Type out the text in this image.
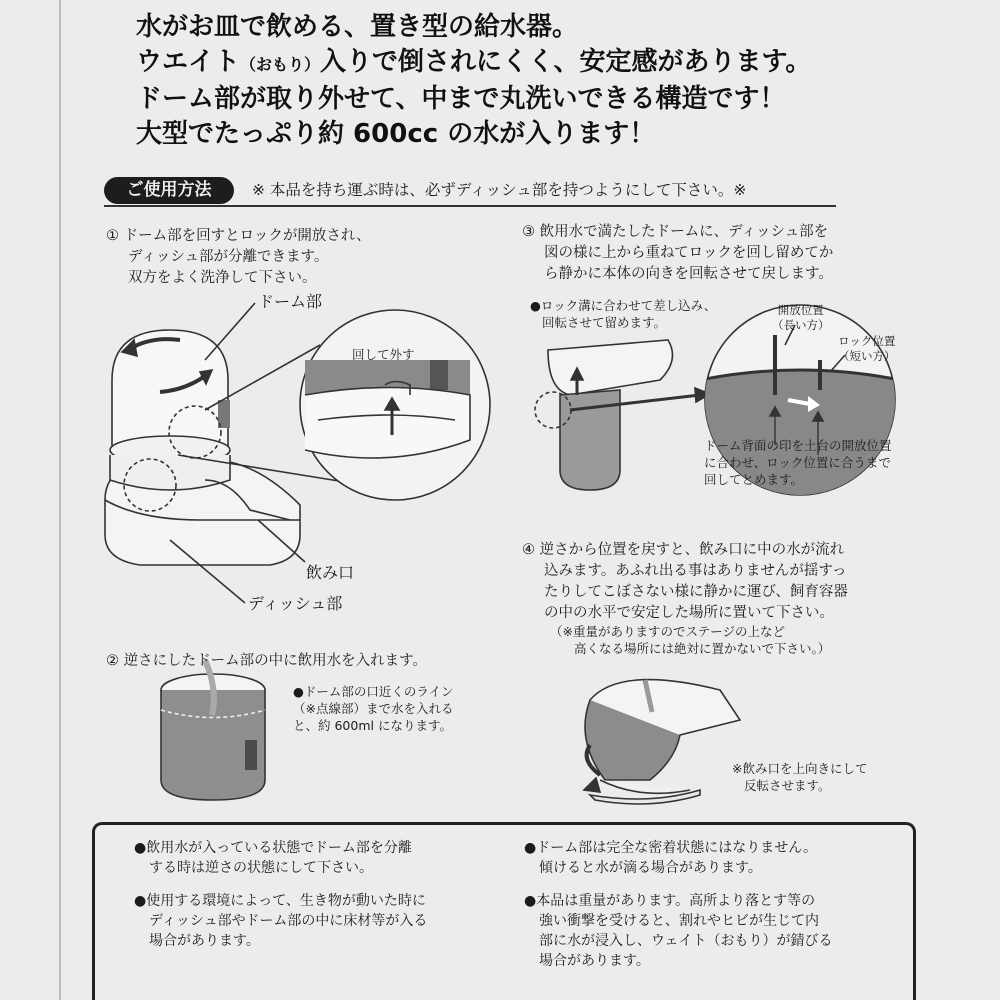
水がお皿で飲める、置き型の給水器。
ウエイト（おもり）入りで倒されにくく、安定感があります。
ドーム部が取り外せて、中まで丸洗いできる構造です！
大型でたっぷり約 600cc の水が入ります！
ご使用方法	※ 本品を持ち運ぶ時は、必ずディッシュ部を持つようにして下さい。※
① ドーム部を回すとロックが開放され、
ディッシュ部が分離できます。
双方をよく洗浄して下さい。
ドーム部
回して外す
飲み口
ディッシュ部
② 逆さにしたドーム部の中に飲用水を入れます。
●ドーム部の口近くのライン
（※点線部）まで水を入れる
と、約 600ml になります。
③ 飲用水で満たしたドームに、ディッシュ部を
図の様に上から重ねてロックを回し留めてか
ら静かに本体の向きを回転させて戻します。
●ロック溝に合わせて差し込み、
回転させて留めます。
開放位置
（長い方）
ロック位置
（短い方）
ドーム背面の印を土台の開放位置
に合わせ、ロック位置に合うまで
回してとめます。
④ 逆さから位置を戻すと、飲み口に中の水が流れ
込みます。あふれ出る事はありませんが揺すっ
たりしてこぼさない様に静かに運び、飼育容器
の中の水平で安定した場所に置いて下さい。
（※重量がありますのでステージの上など
高くなる場所には絶対に置かないで下さい。）
※飲み口を上向きにして
反転させます。
●飲用水が入っている状態でドーム部を分離
する時は逆さの状態にして下さい。
●使用する環境によって、生き物が動いた時に
ディッシュ部やドーム部の中に床材等が入る
場合があります。
●ドーム部は完全な密着状態にはなりません。
傾けると水が滴る場合があります。
●本品は重量があります。高所より落とす等の
強い衝撃を受けると、割れやヒビが生じて内
部に水が浸入し、ウェイト（おもり）が錆びる
場合があります。
